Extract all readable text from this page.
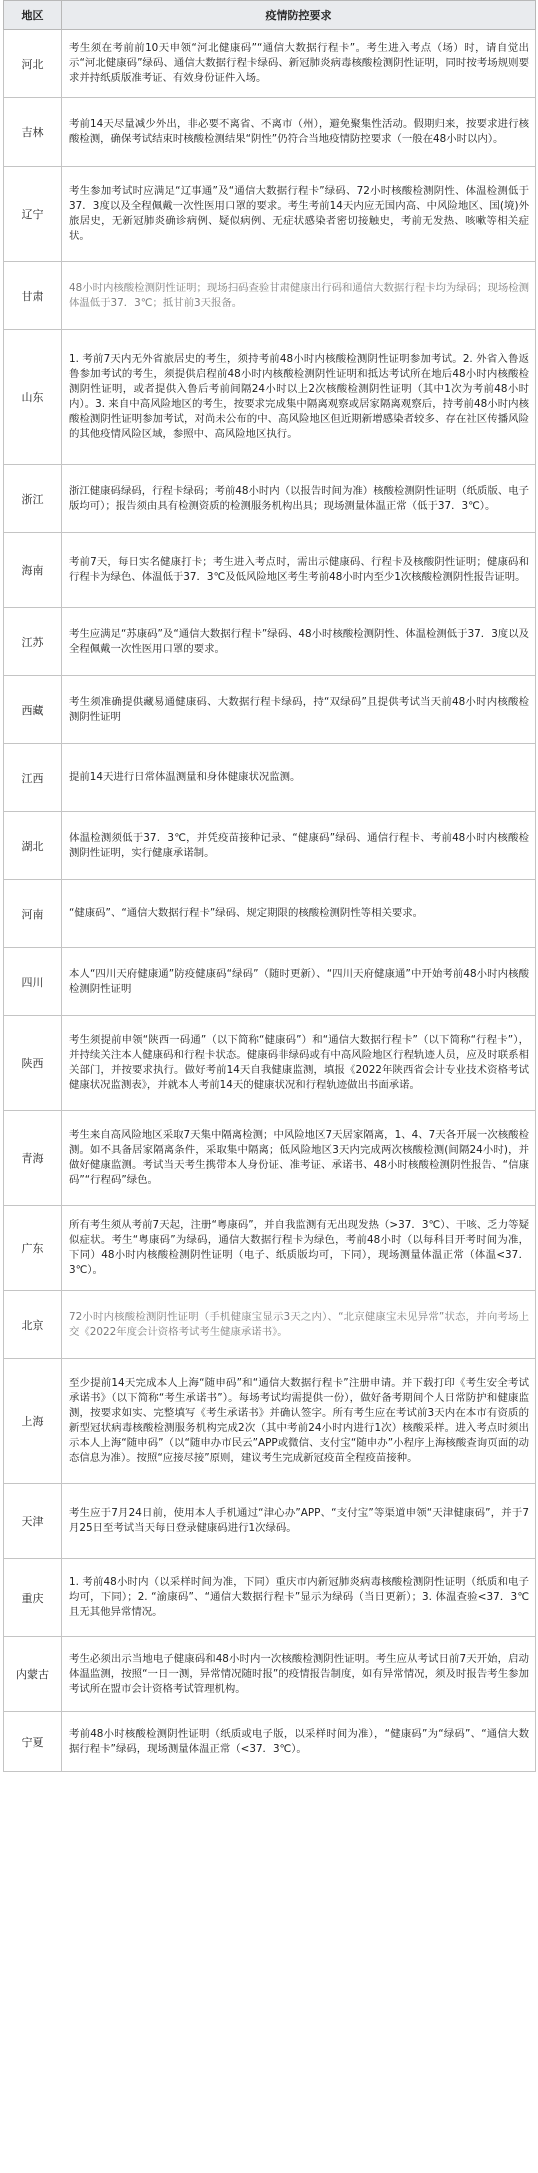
地区	疫情防控要求
河北	考生须在考前前10天申领“河北健康码”“通信大数据行程卡”。考生进入考点（场）时，请自觉出示“河北健康码”绿码、通信大数据行程卡绿码、新冠肺炎病毒核酸检测阴性证明，同时按考场规则要求并持纸质版准考证、有效身份证件入场。
吉林	考前14天尽量减少外出，非必要不离省、不离市（州），避免聚集性活动。假期归来，按要求进行核酸检测，确保考试结束时核酸检测结果“阴性”仍符合当地疫情防控要求（一般在48小时以内）。
辽宁	考生参加考试时应满足“辽事通”及“通信大数据行程卡”绿码、72小时核酸检测阴性、体温检测低于37．3度以及全程佩戴一次性医用口罩的要求。考生考前14天内应无国内高、中风险地区、国(境)外旅居史，无新冠肺炎确诊病例、疑似病例、无症状感染者密切接触史，考前无发热、咳嗽等相关症状。
甘肃	48小时内核酸检测阴性证明；现场扫码查验甘肃健康出行码和通信大数据行程卡均为绿码；现场检测体温低于37．3℃；抵甘前3天报备。
山东	1. 考前7天内无外省旅居史的考生，须持考前48小时内核酸检测阴性证明参加考试。2. 外省入鲁返鲁参加考试的考生，须提供启程前48小时内核酸检测阴性证明和抵达考试所在地后48小时内核酸检测阴性证明，或者提供入鲁后考前间隔24小时以上2次核酸检测阴性证明（其中1次为考前48小时内）。3. 来自中高风险地区的考生，按要求完成集中隔离观察或居家隔离观察后，持考前48小时内核酸检测阴性证明参加考试，对尚未公布的中、高风险地区但近期新增感染者较多、存在社区传播风险的其他疫情风险区域，参照中、高风险地区执行。
浙江	浙江健康码绿码，行程卡绿码；考前48小时内（以报告时间为准）核酸检测阴性证明（纸质版、电子版均可）；报告须由具有检测资质的检测服务机构出具；现场测量体温正常（低于37．3℃）。
海南	考前7天，每日实名健康打卡；考生进入考点时，需出示健康码、行程卡及核酸阴性证明；健康码和行程卡为绿色、体温低于37．3℃及低风险地区考生考前48小时内至少1次核酸检测阴性报告证明。
江苏	考生应满足“苏康码”及“通信大数据行程卡”绿码、48小时核酸检测阴性、体温检测低于37．3度以及全程佩戴一次性医用口罩的要求。
西藏	考生须准确提供藏易通健康码、大数据行程卡绿码，持“双绿码”且提供考试当天前48小时内核酸检测阴性证明
江西	提前14天进行日常体温测量和身体健康状况监测。
湖北	体温检测须低于37．3℃，并凭疫苗接种记录、“健康码”绿码、通信行程卡、考前48小时内核酸检测阴性证明，实行健康承诺制。
河南	“健康码”、“通信大数据行程卡”绿码、规定期限的核酸检测阴性等相关要求。
四川	本人“四川天府健康通”防疫健康码“绿码”（随时更新）、“四川天府健康通”中开始考前48小时内核酸检测阴性证明
陕西	考生须提前申领“陕西一码通”（以下简称“健康码”）和“通信大数据行程卡”（以下简称“行程卡”），并持续关注本人健康码和行程卡状态。健康码非绿码或有中高风险地区行程轨迹人员，应及时联系相关部门，并按要求执行。做好考前14天自我健康监测，填报《2022年陕西省会计专业技术资格考试健康状况监测表》，并就本人考前14天的健康状况和行程轨迹做出书面承诺。
青海	考生来自高风险地区采取7天集中隔离检测；中风险地区7天居家隔离，1、4、7天各开展一次核酸检测。如不具备居家隔离条件，采取集中隔离；低风险地区3天内完成两次核酸检测(间隔24小时)，并做好健康监测。考试当天考生携带本人身份证、准考证、承诺书、48小时核酸检测阴性报告、“信康码”“行程码”绿色。
广东	所有考生须从考前7天起，注册“粤康码”，并自我监测有无出现发热（>37．3℃）、干咳、乏力等疑似症状。考生“粤康码”为绿码，通信大数据行程卡为绿色，考前48小时（以每科目开考时间为准，下同）48小时内核酸检测阴性证明（电子、纸质版均可，下同），现场测量体温正常（体温<37．3℃）。
北京	72小时内核酸检测阴性证明（手机健康宝显示3天之内）、“北京健康宝未见异常”状态，并向考场上交《2022年度会计资格考试考生健康承诺书》。
上海	至少提前14天完成本人上海“随申码”和“通信大数据行程卡”注册申请。并下载打印《考生安全考试承诺书》（以下简称“考生承诺书”）。每场考试均需提供一份），做好备考期间个人日常防护和健康监测，按要求如实、完整填写《考生承诺书》并确认签字。所有考生应在考试前3天内在本市有资质的新型冠状病毒核酸检测服务机构完成2次（其中考前24小时内进行1次）核酸采样。进入考点时须出示本人上海“随申码”（以“随申办市民云”APP或微信、支付宝“随申办”小程序上海核酸查询页面的动态信息为准）。按照“应接尽接”原则，建议考生完成新冠疫苗全程疫苗接种。
天津	考生应于7月24日前，使用本人手机通过“津心办”APP、“支付宝”等渠道申领“天津健康码”，并于7月25日至考试当天每日登录健康码进行1次绿码。
重庆	1. 考前48小时内（以采样时间为准，下同）重庆市内新冠肺炎病毒核酸检测阴性证明（纸质和电子均可，下同）；2. “渝康码”、“通信大数据行程卡”显示为绿码（当日更新）；3. 体温查验<37．3℃且无其他异常情况。
内蒙古	考生必须出示当地电子健康码和48小时内一次核酸检测阴性证明。考生应从考试日前7天开始，启动体温监测，按照“一日一测，异常情况随时报”的疫情报告制度，如有异常情况，须及时报告考生参加考试所在盟市会计资格考试管理机构。
宁夏	考前48小时核酸检测阴性证明（纸质或电子版，以采样时间为准），“健康码”为“绿码”、“通信大数据行程卡”绿码，现场测量体温正常（<37．3℃）。
